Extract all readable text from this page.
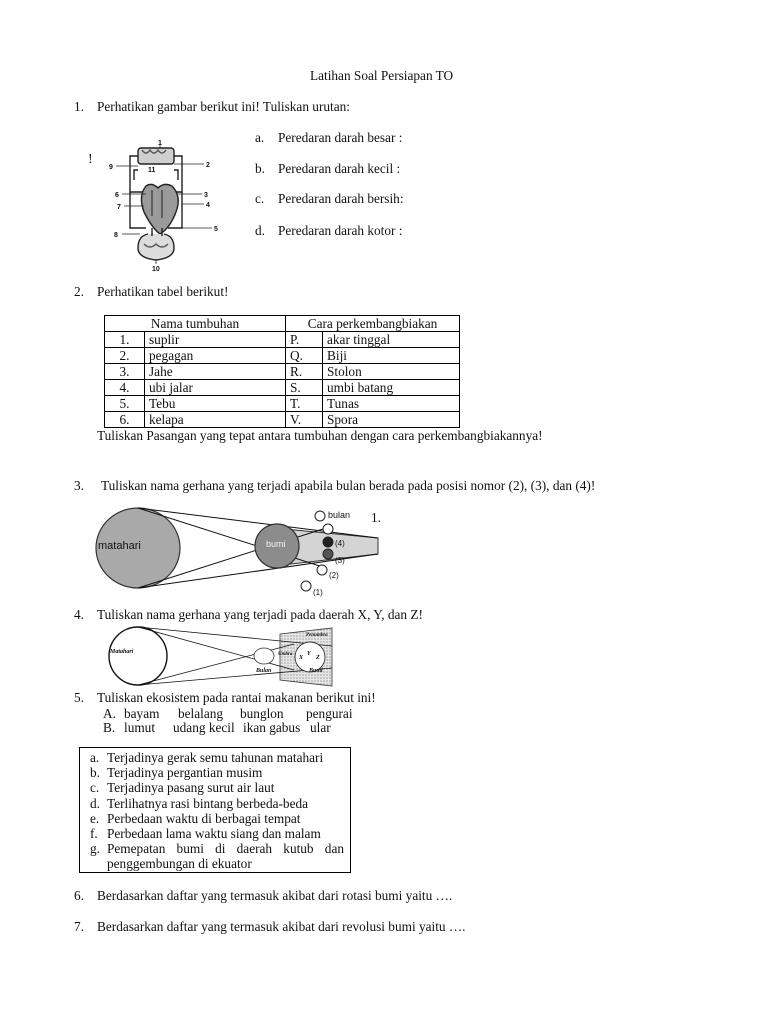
Latihan Soal Persiapan TO
1. Perhatikan gambar berikut ini! Tuliskan urutan:
!
1
2
3
4
5
6
7
8
9
10
11
a. Peredaran darah besar :
b. Peredaran darah kecil :
c. Peredaran darah bersih:
d. Peredaran darah kotor :
2. Perhatikan tabel berikut!
Nama tumbuhan		Cara perkembangbiakan	
1.	suplir	P.	akar tinggal
2.	pegagan	Q.	Biji
3.	Jahe	R.	Stolon
4.	ubi jalar	S.	umbi batang
5.	Tebu	T.	Tunas
6.	kelapa	V.	Spora
Tuliskan Pasangan yang tepat antara tumbuhan dengan cara perkembangbiakannya!
3. Tuliskan nama gerhana yang terjadi apabila bulan berada pada posisi nomor (2), (3), dan (4)!
matahari	bumi
bulan
(4)
(3)
(2)
(1)
1.
4. Tuliskan nama gerhana yang terjadi pada daerah X, Y, dan Z!
Matahari
Bulan	Bumi
Umbra
Penumbra
X
Y
Z
5. Tuliskan ekosistem pada rantai makanan berikut ini!
A. bayam belalang bunglon pengurai
B. lumut udang kecil ikan gabus ular
a. Terjadinya gerak semu tahunan matahari
b. Terjadinya pergantian musim
c. Terjadinya pasang surut air laut
d. Terlihatnya rasi bintang berbeda-beda
e. Perbedaan waktu di berbagai tempat
f. Perbedaan lama waktu siang dan malam
g. Pemepatan bumi di daerah kutub dan
penggembungan di ekuator
6. Berdasarkan daftar yang termasuk akibat dari rotasi bumi yaitu ….
7. Berdasarkan daftar yang termasuk akibat dari revolusi bumi yaitu ….
